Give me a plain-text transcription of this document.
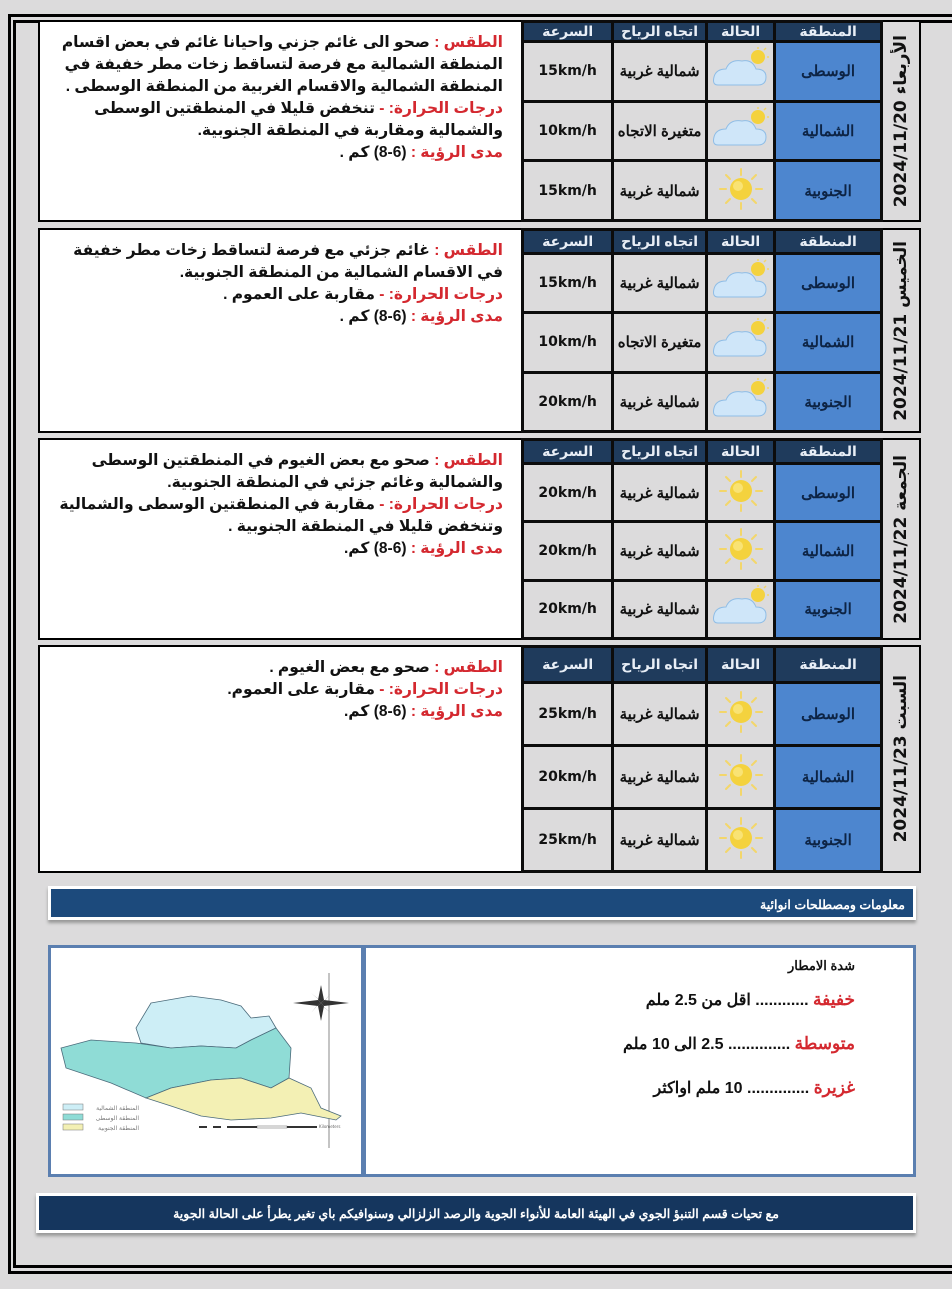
الطقس : صحو الى غائم جزني واحيانا غائم في بعض اقسام المنطقة الشمالية مع فرصة لتساقط زخات مطر خفيفة في المنطقة الشمالية والاقسام الغربية من المنطقة الوسطى .

درجات الحرارة: - تنخفض قليلا في المنطقتين الوسطى والشمالية ومقاربة في المنطقة الجنوبية.

مدى الرؤية : (6-8) كم .

المنطقة	الحالة	اتجاه الرياح	السرعة
الوسطى		شمالية غربية	15km/h
الشمالية		متغيرة الاتجاه	10km/h
الجنوبية		شمالية غربية	15km/h	الأربعاء 2024/11/20

الطقس : غائم جزئي مع فرصة لتساقط زخات مطر خفيفة في الاقسام الشمالية من المنطقة الجنوبية.

درجات الحرارة: - مقاربة على العموم .

مدى الرؤية : (6-8) كم .

المنطقة	الحالة	اتجاه الرياح	السرعة
الوسطى		شمالية غربية	15km/h
الشمالية		متغيرة الاتجاه	10km/h
الجنوبية		شمالية غربية	20km/h	الخميس 2024/11/21

الطقس : صحو مع بعض الغيوم في المنطقتين الوسطى والشمالية وغائم جزئي في المنطقة الجنوبية.

درجات الحرارة: - مقاربة في المنطقتين الوسطى والشمالية وتنخفض قليلا في المنطقة الجنوبية .

مدى الرؤية : (6-8) كم.

المنطقة	الحالة	اتجاه الرياح	السرعة
الوسطى		شمالية غربية	20km/h
الشمالية		شمالية غربية	20km/h
الجنوبية		شمالية غربية	20km/h	الجمعة 2024/11/22

الطقس : صحو مع بعض الغيوم .

درجات الحرارة: - مقاربة على العموم.

مدى الرؤية : (6-8) كم.

المنطقة	الحالة	اتجاه الرياح	السرعة
الوسطى		شمالية غربية	25km/h
الشمالية		شمالية غربية	20km/h
الجنوبية		شمالية غربية	25km/h	السبت 2024/11/23
معلومات ومصطلحات انوائية
المنطقة الشمالية
المنطقة الوسطى
المنطقة الجنوبية	Kilometers
شدة الامطار
خفيفة ............ اقل من 2.5 ملم
متوسطة .............. 2.5 الى 10 ملم
غزيرة .............. 10 ملم اواكثر
مع تحيات قسم التنبؤ الجوي في الهيئة العامة للأنواء الجوية والرصد الزلزالي وسنوافيكم باي تغير يطرأ على الحالة الجوية
